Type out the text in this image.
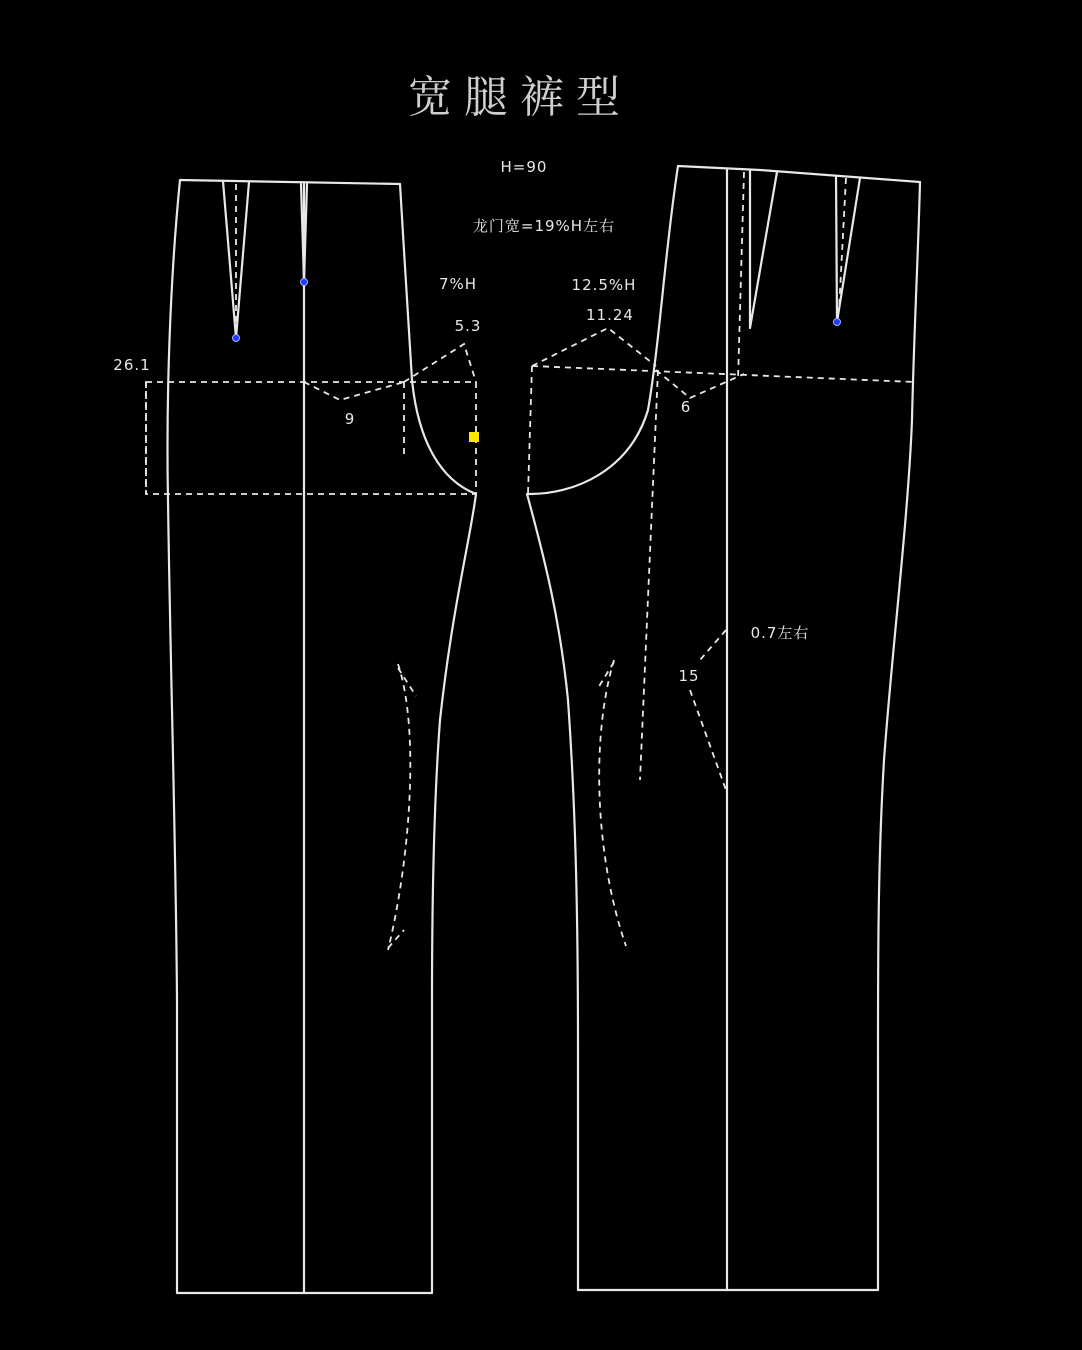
宽腿裤型
H=90
龙门宽=19%H左右
7%H
5.3
12.5%H
11.24
26.1
9
6
0.7左右
15
